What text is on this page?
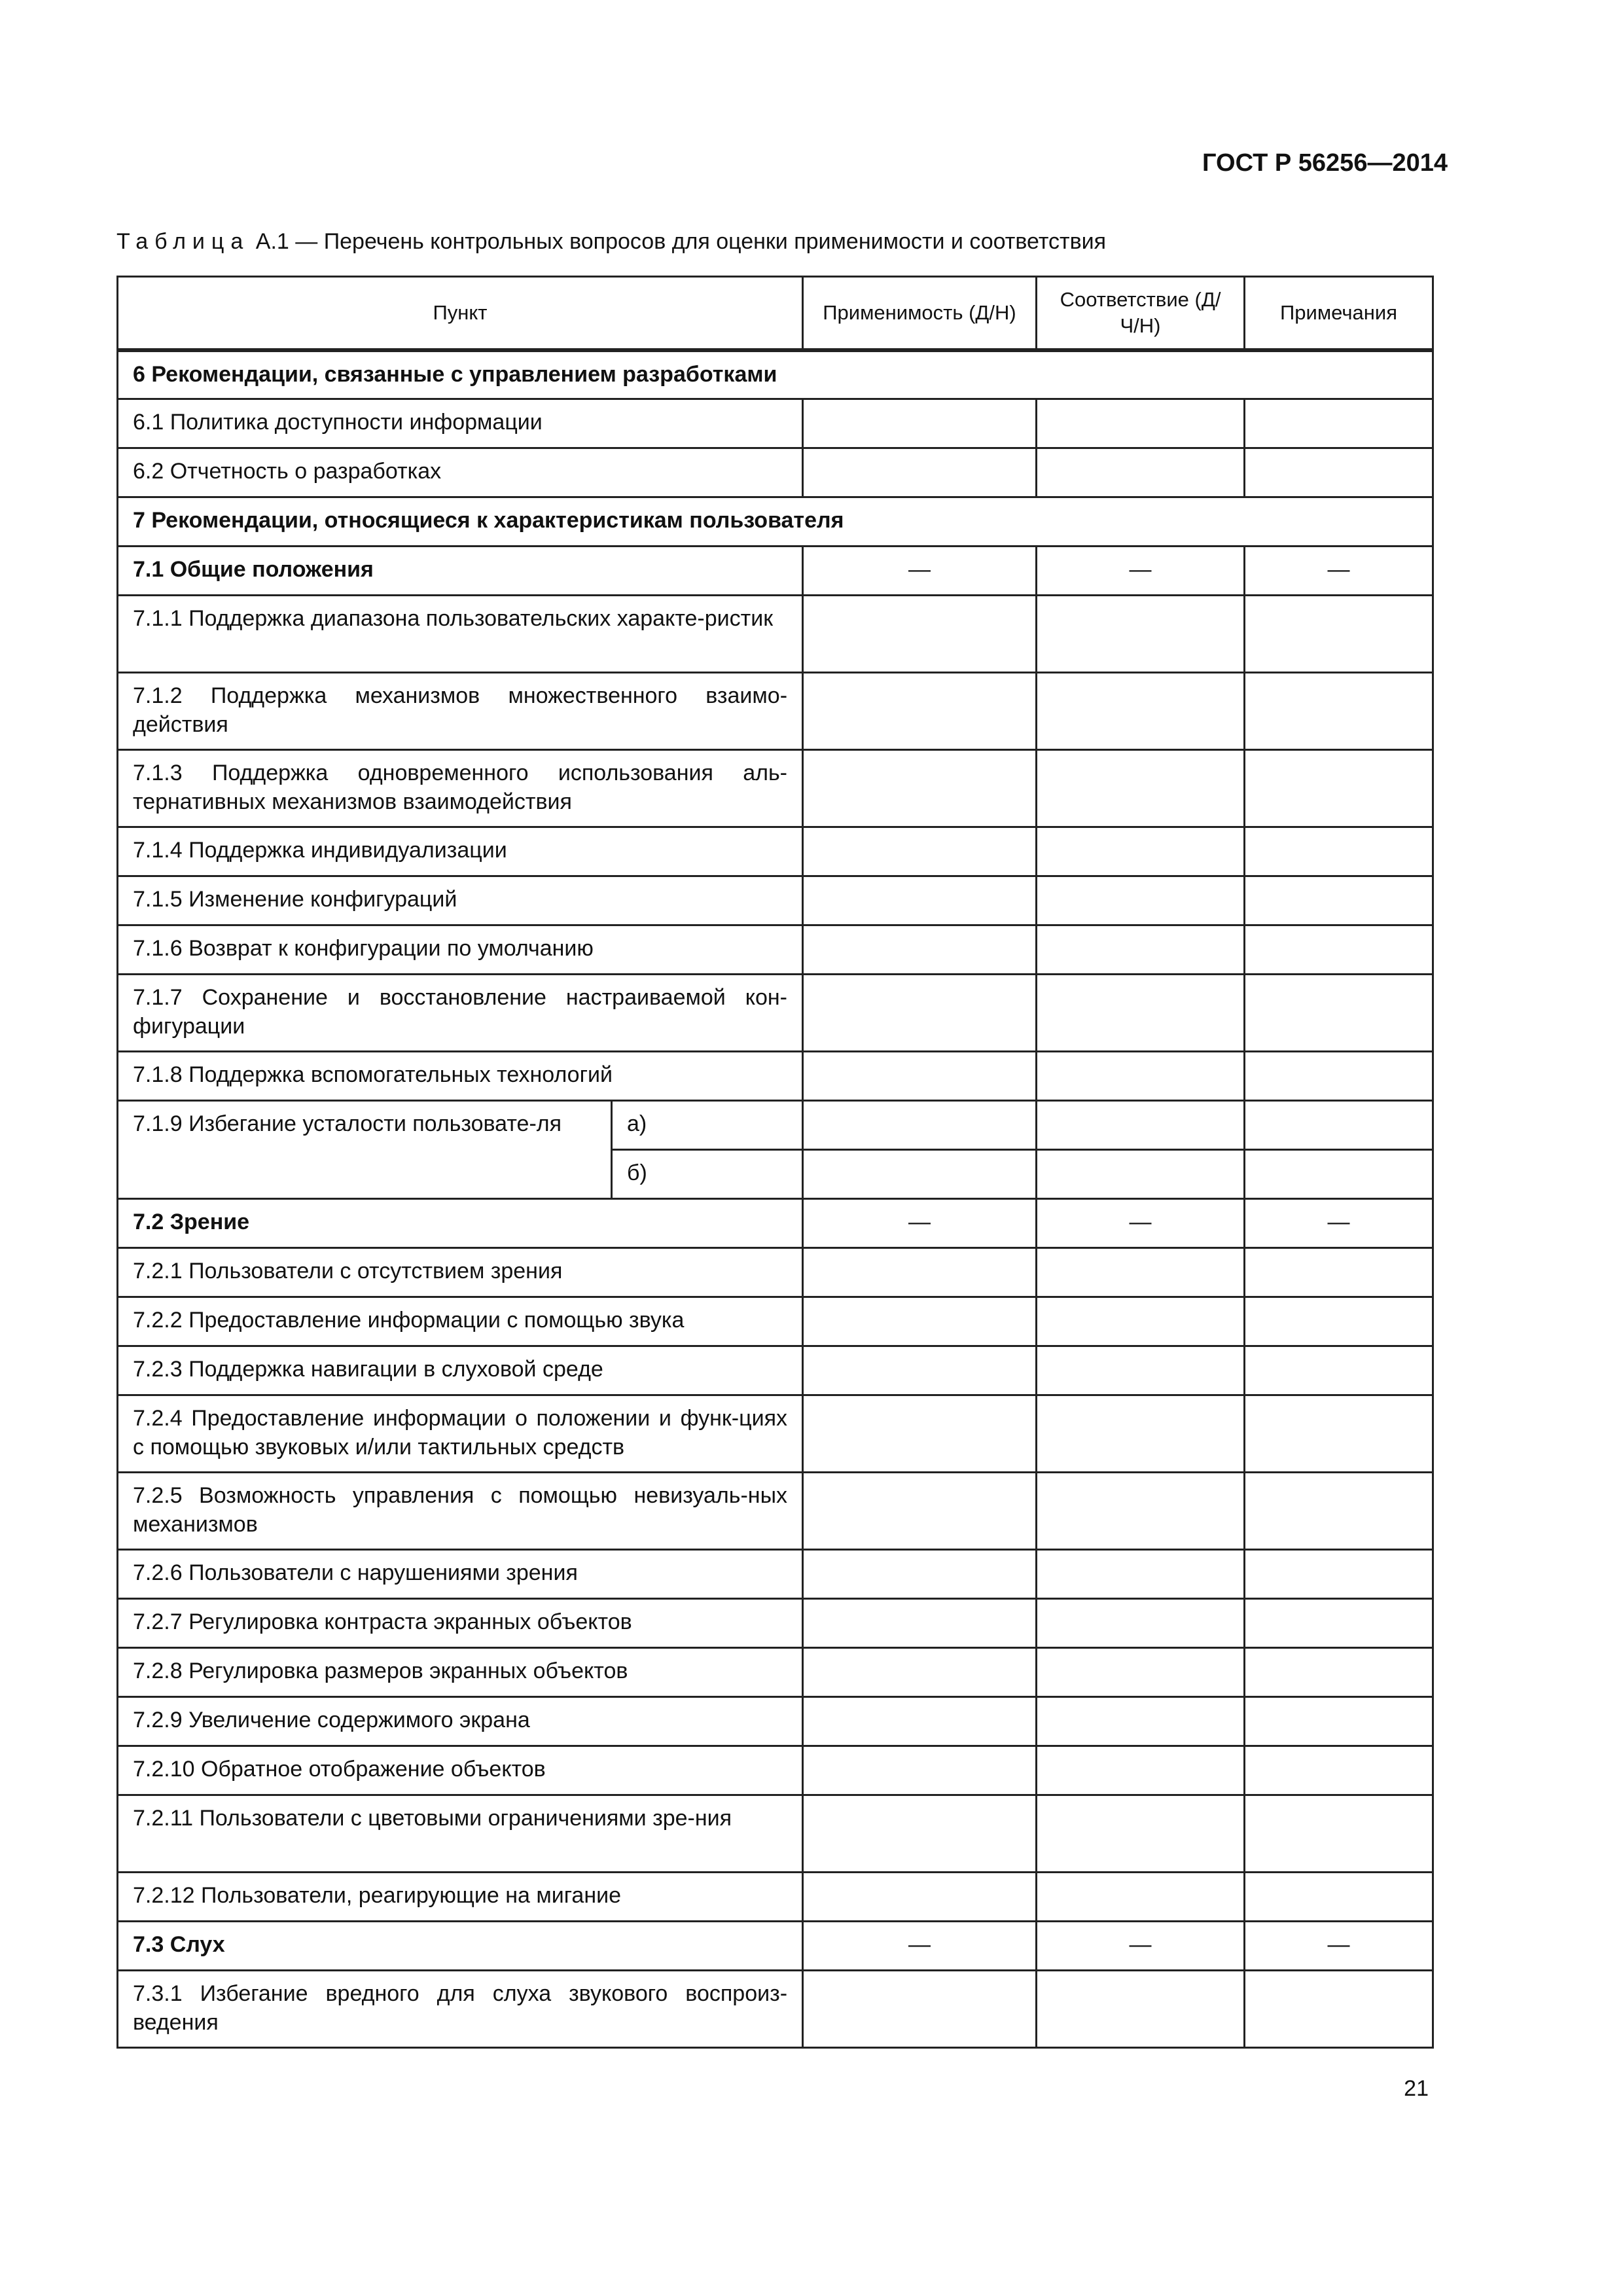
ГОСТ Р 56256—2014
Таблица А.1 — Перечень контрольных вопросов для оценки применимости и соответствия
Пункт		Применимость (Д/Н)	Соответствие (Д/Ч/Н)	Примечания
6 Рекомендации, связанные с управлением разработками				
6.1 Политика доступности информации				
6.2 Отчетность о разработках				
7 Рекомендации, относящиеся к характеристикам пользователя				
7.1 Общие положения		—	—	—
7.1.1 Поддержка диапазона пользовательских характе-ристик				
7.1.2 Поддержка механизмов множественного взаимо-действия				
7.1.3 Поддержка одновременного использования аль-тернативных механизмов взаимодействия				
7.1.4 Поддержка индивидуализации				
7.1.5 Изменение конфигураций				
7.1.6 Возврат к конфигурации по умолчанию				
7.1.7 Сохранение и восстановление настраиваемой кон-фигурации				
7.1.8 Поддержка вспомогательных технологий				
7.1.9 Избегание усталости пользовате-ля	а)			
	б)			
7.2 Зрение		—	—	—
7.2.1 Пользователи с отсутствием зрения				
7.2.2 Предоставление информации с помощью звука				
7.2.3 Поддержка навигации в слуховой среде				
7.2.4 Предоставление информации о положении и функ-циях с помощью звуковых и/или тактильных средств				
7.2.5 Возможность управления с помощью невизуаль-ных механизмов				
7.2.6 Пользователи с нарушениями зрения				
7.2.7 Регулировка контраста экранных объектов				
7.2.8 Регулировка размеров экранных объектов				
7.2.9 Увеличение содержимого экрана				
7.2.10 Обратное отображение объектов				
7.2.11 Пользователи с цветовыми ограничениями зре-ния				
7.2.12 Пользователи, реагирующие на мигание				
7.3 Слух		—	—	—
7.3.1 Избегание вредного для слуха звукового воспроиз-ведения				
21
